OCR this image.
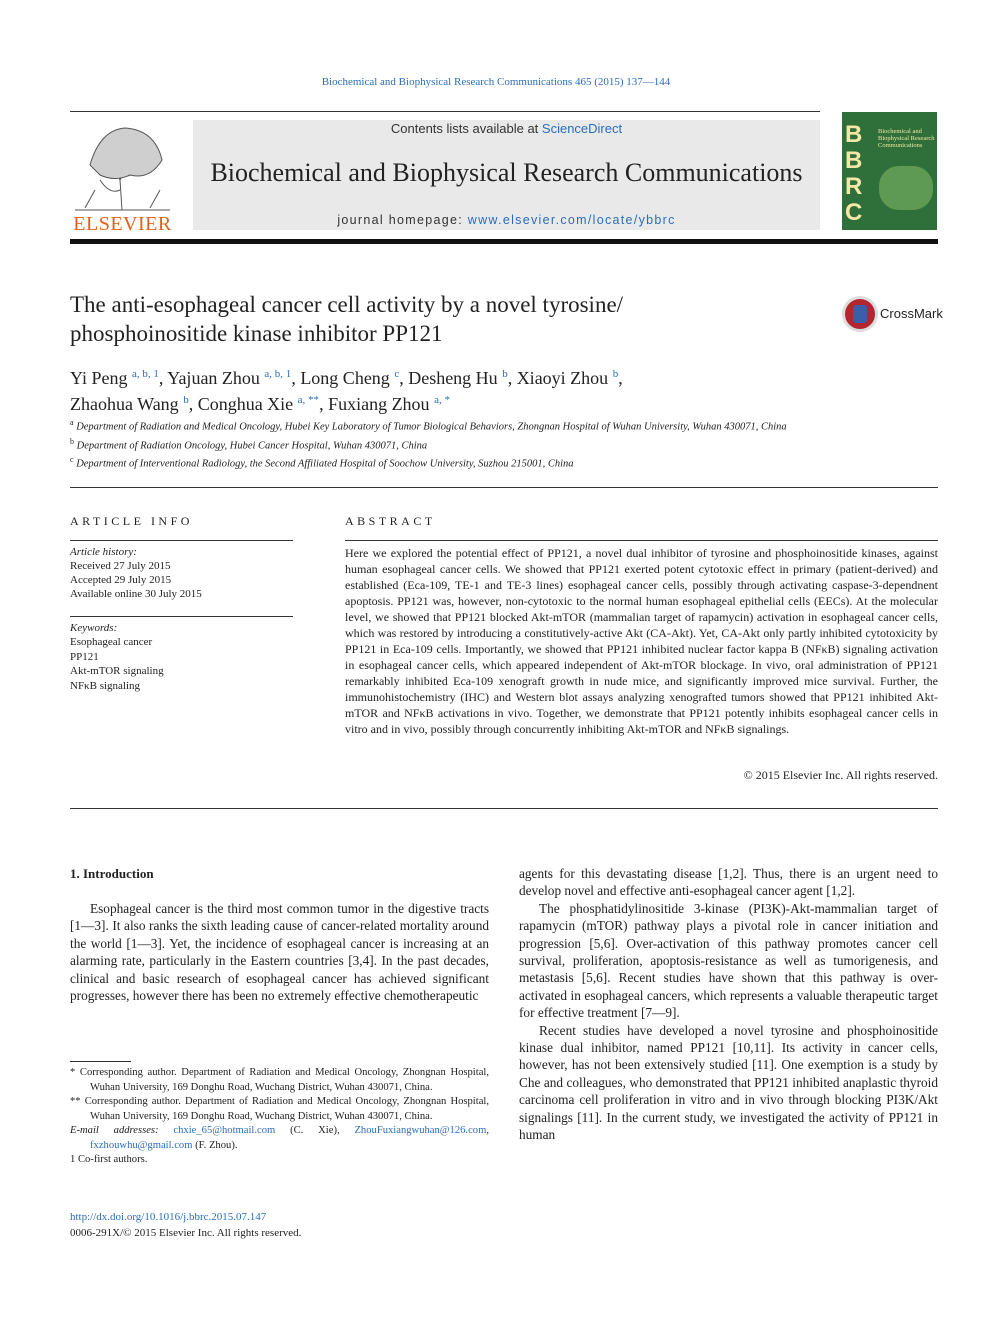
Biochemical and Biophysical Research Communications 465 (2015) 137—144
ELSEVIER
Contents lists available at ScienceDirect
Biochemical and Biophysical Research Communications
journal homepage: www.elsevier.com/locate/ybbrc
B
B
R
C
Biochemical and Biophysical Research Communications
The anti-esophageal cancer cell activity by a novel tyrosine/ phosphoinositide kinase inhibitor PP121
CrossMark
Yi Peng $^{a, b, 1}$, Yajuan Zhou $^{a, b, 1}$, Long Cheng $^c$, Desheng Hu $^b$, Xiaoyi Zhou $^b$,
Zhaohua Wang $^b$, Conghua Xie $^{a, **}$, Fuxiang Zhou $^{a, *}$
$^a$ Department of Radiation and Medical Oncology, Hubei Key Laboratory of Tumor Biological Behaviors, Zhongnan Hospital of Wuhan University, Wuhan 430071, China
$^b$ Department of Radiation Oncology, Hubei Cancer Hospital, Wuhan 430071, China
$^c$ Department of Interventional Radiology, the Second Affiliated Hospital of Soochow University, Suzhou 215001, China
ARTICLE INFO	ABSTRACT
Article history:
Received 27 July 2015
Accepted 29 July 2015
Available online 30 July 2015
Keywords:
Esophageal cancer
PP121
Akt-mTOR signaling
NFκB signaling
Here we explored the potential effect of PP121, a novel dual inhibitor of tyrosine and phosphoinositide kinases, against human esophageal cancer cells. We showed that PP121 exerted potent cytotoxic effect in primary (patient-derived) and established (Eca-109, TE-1 and TE-3 lines) esophageal cancer cells, possibly through activating caspase-3-dependnent apoptosis. PP121 was, however, non-cytotoxic to the normal human esophageal epithelial cells (EECs). At the molecular level, we showed that PP121 blocked Akt-mTOR (mammalian target of rapamycin) activation in esophageal cancer cells, which was restored by introducing a constitutively-active Akt (CA-Akt). Yet, CA-Akt only partly inhibited cytotoxicity by PP121 in Eca-109 cells. Importantly, we showed that PP121 inhibited nuclear factor kappa B (NFκB) signaling activation in esophageal cancer cells, which appeared independent of Akt-mTOR blockage. In vivo, oral administration of PP121 remarkably inhibited Eca-109 xenograft growth in nude mice, and significantly improved mice survival. Further, the immunohistochemistry (IHC) and Western blot assays analyzing xenografted tumors showed that PP121 inhibited Akt-mTOR and NFκB activations in vivo. Together, we demonstrate that PP121 potently inhibits esophageal cancer cells in vitro and in vivo, possibly through concurrently inhibiting Akt-mTOR and NFκB signalings.
© 2015 Elsevier Inc. All rights reserved.
1. Introduction

Esophageal cancer is the third most common tumor in the digestive tracts [1—3]. It also ranks the sixth leading cause of cancer-related mortality around the world [1—3]. Yet, the incidence of esophageal cancer is increasing at an alarming rate, particularly in the Eastern countries [3,4]. In the past decades, clinical and basic research of esophageal cancer has achieved significant progresses, however there has been no extremely effective chemotherapeutic

agents for this devastating disease [1,2]. Thus, there is an urgent need to develop novel and effective anti-esophageal cancer agent [1,2].

The phosphatidylinositide 3-kinase (PI3K)-Akt-mammalian target of rapamycin (mTOR) pathway plays a pivotal role in cancer initiation and progression [5,6]. Over-activation of this pathway promotes cancer cell survival, proliferation, apoptosis-resistance as well as tumorigenesis, and metastasis [5,6]. Recent studies have shown that this pathway is over-activated in esophageal cancers, which represents a valuable therapeutic target for effective treatment [7—9].

Recent studies have developed a novel tyrosine and phosphoinositide kinase dual inhibitor, named PP121 [10,11]. Its activity in cancer cells, however, has not been extensively studied [11]. One exemption is a study by Che and colleagues, who demonstrated that PP121 inhibited anaplastic thyroid carcinoma cell proliferation in vitro and in vivo through blocking PI3K/Akt signalings [11]. In the current study, we investigated the activity of PP121 in human

* Corresponding author. Department of Radiation and Medical Oncology, Zhongnan Hospital, Wuhan University, 169 Donghu Road, Wuchang District, Wuhan 430071, China.
** Corresponding author. Department of Radiation and Medical Oncology, Zhongnan Hospital, Wuhan University, 169 Donghu Road, Wuchang District, Wuhan 430071, China.
E-mail addresses: chxie_65@hotmail.com (C. Xie), ZhouFuxiangwuhan@126.com, fxzhouwhu@gmail.com (F. Zhou).
1 Co-first authors.
http://dx.doi.org/10.1016/j.bbrc.2015.07.147
0006-291X/© 2015 Elsevier Inc. All rights reserved.
